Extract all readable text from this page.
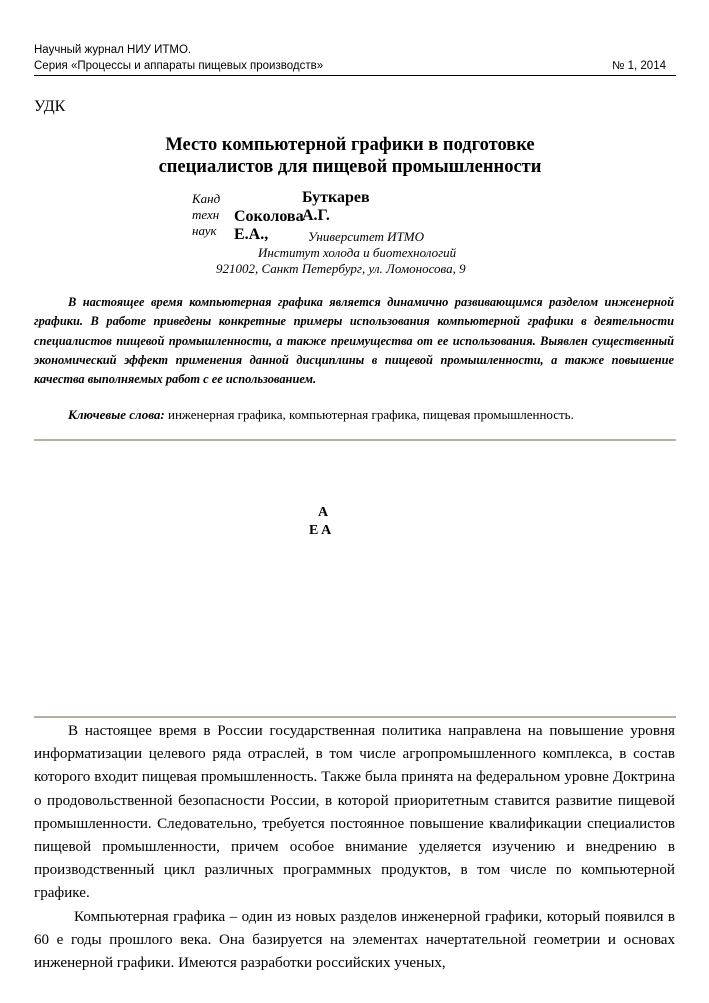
Научный журнал НИУ ИТМО.
Серия «Процессы и аппараты пищевых производств»	№ 1, 2014
УДК
Место компьютерной графики в подготовке
специалистов для пищевой промышленности
Канд техн наук
Буткарев А.Г.
Соколова Е.А.,	Университет ИТМО
Институт холода и биотехнологий
921002, Санкт Петербург, ул. Ломоносова, 9
В настоящее время компьютерная графика является динамично развивающимся разделом инженерной графики. В работе приведены конкретные примеры использования компьютерной графики в деятельности специалистов пищевой промышленности, а также преимущества от ее использования. Выявлен существенный экономический эффект применения данной дисциплины в пищевой промышленности, а также повышение качества выполняемых работ с ее использованием.
Ключевые слова: инженерная графика, компьютерная графика, пищевая промышленность.
A
E A

В настоящее время в России государственная политика направлена на повышение уровня информатизации целевого ряда отраслей, в том числе агропромышленного комплекса, в состав которого входит пищевая промышленность. Также была принята на федеральном уровне Доктрина о продовольственной безопасности России, в которой приоритетным ставится развитие пищевой промышленности. Следовательно, требуется постоянное повышение квалификации специалистов пищевой промышленности, причем особое внимание уделяется изучению и внедрению в производственный цикл различных программных продуктов, в том числе по компьютерной графике.

Компьютерная графика – один из новых разделов инженерной графики, который появился в 60 е годы прошлого века. Она базируется на элементах начертательной геометрии и основах инженерной графики. Имеются разработки российских ученых,
